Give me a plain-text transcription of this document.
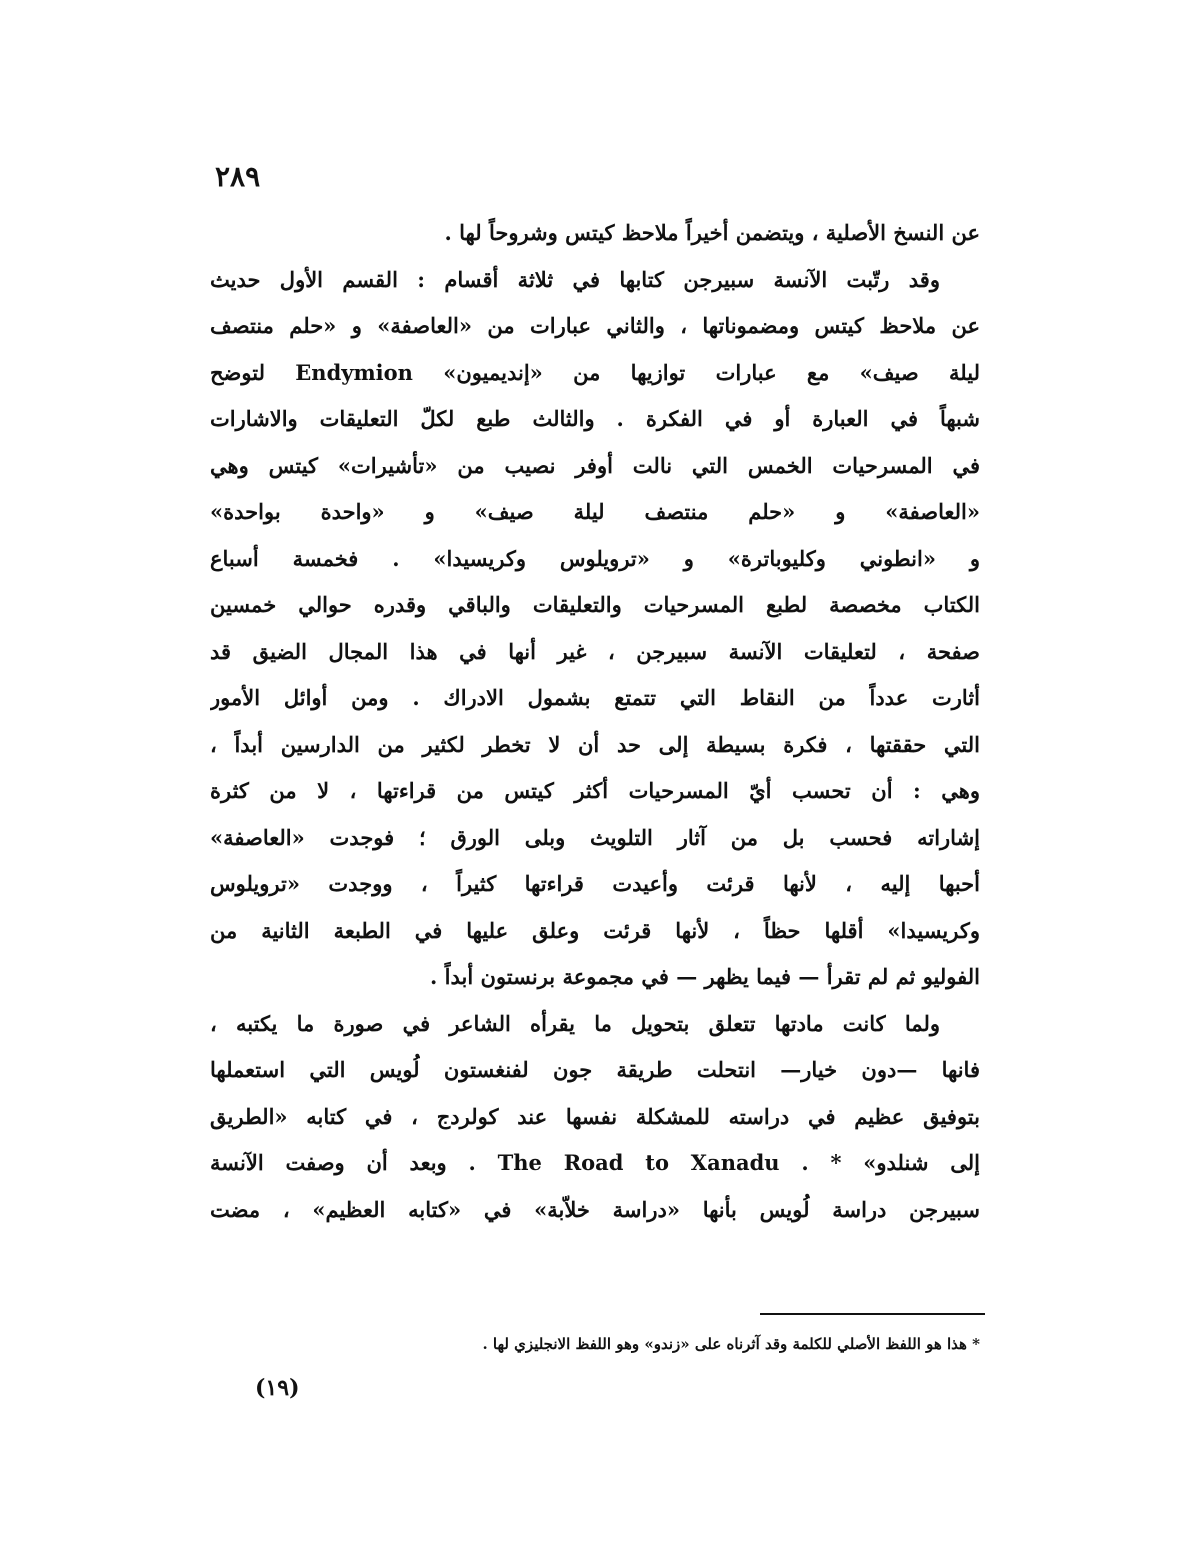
٢٨٩
عن النسخ الأصلية ، ويتضمن أخيراً ملاحظ كيتس وشروحاً لها .
وقد رتّبت الآنسة سبيرجن كتابها في ثلاثة أقسام : القسم الأول حديث
عن ملاحظ كيتس ومضموناتها ، والثاني عبارات من «العاصفة» و «حلم منتصف
ليلة صيف» مع عبارات توازيها من «إنديميون» Endymion لتوضح
شبهاً في العبارة أو في الفكرة . والثالث طبع لكلّ التعليقات والاشارات
في المسرحيات الخمس التي نالت أوفر نصيب من «تأشيرات» كيتس وهي
«العاصفة» و «حلم منتصف ليلة صيف» و «واحدة بواحدة»
و «انطوني وكليوباترة» و «ترويلوس وكريسيدا» . فخمسة أسباع
الكتاب مخصصة لطبع المسرحيات والتعليقات والباقي وقدره حوالي خمسين
صفحة ، لتعليقات الآنسة سبيرجن ، غير أنها في هذا المجال الضيق قد
أثارت عدداً من النقاط التي تتمتع بشمول الادراك . ومن أوائل الأمور
التي حققتها ، فكرة بسيطة إلى حد أن لا تخطر لكثير من الدارسين أبداً ،
وهي : أن تحسب أيّ المسرحيات أكثر كيتس من قراءتها ، لا من كثرة
إشاراته فحسب بل من آثار التلويث وبلى الورق ؛ فوجدت «العاصفة»
أحبها إليه ، لأنها قرئت وأعيدت قراءتها كثيراً ، ووجدت «ترويلوس
وكريسيدا» أقلها حظاً ، لأنها قرئت وعلق عليها في الطبعة الثانية من
الفوليو ثم لم تقرأ — فيما يظهر — في مجموعة برنستون أبداً .
ولما كانت مادتها تتعلق بتحويل ما يقرأه الشاعر في صورة ما يكتبه ،
فانها —دون خيار— انتحلت طريقة جون لفنغستون لُويس التي استعملها
بتوفيق عظيم في دراسته للمشكلة نفسها عند كولردج ، في كتابه «الطريق
إلى شنلدو» * . The Road to Xanadu . وبعد أن وصفت الآنسة
سبيرجن دراسة لُويس بأنها «دراسة خلاّبة» في «كتابه العظيم» ، مضت
* هذا هو اللفظ الأصلي للكلمة وقد آثرناه على «زندو» وهو اللفظ الانجليزي لها .
(١٩)
